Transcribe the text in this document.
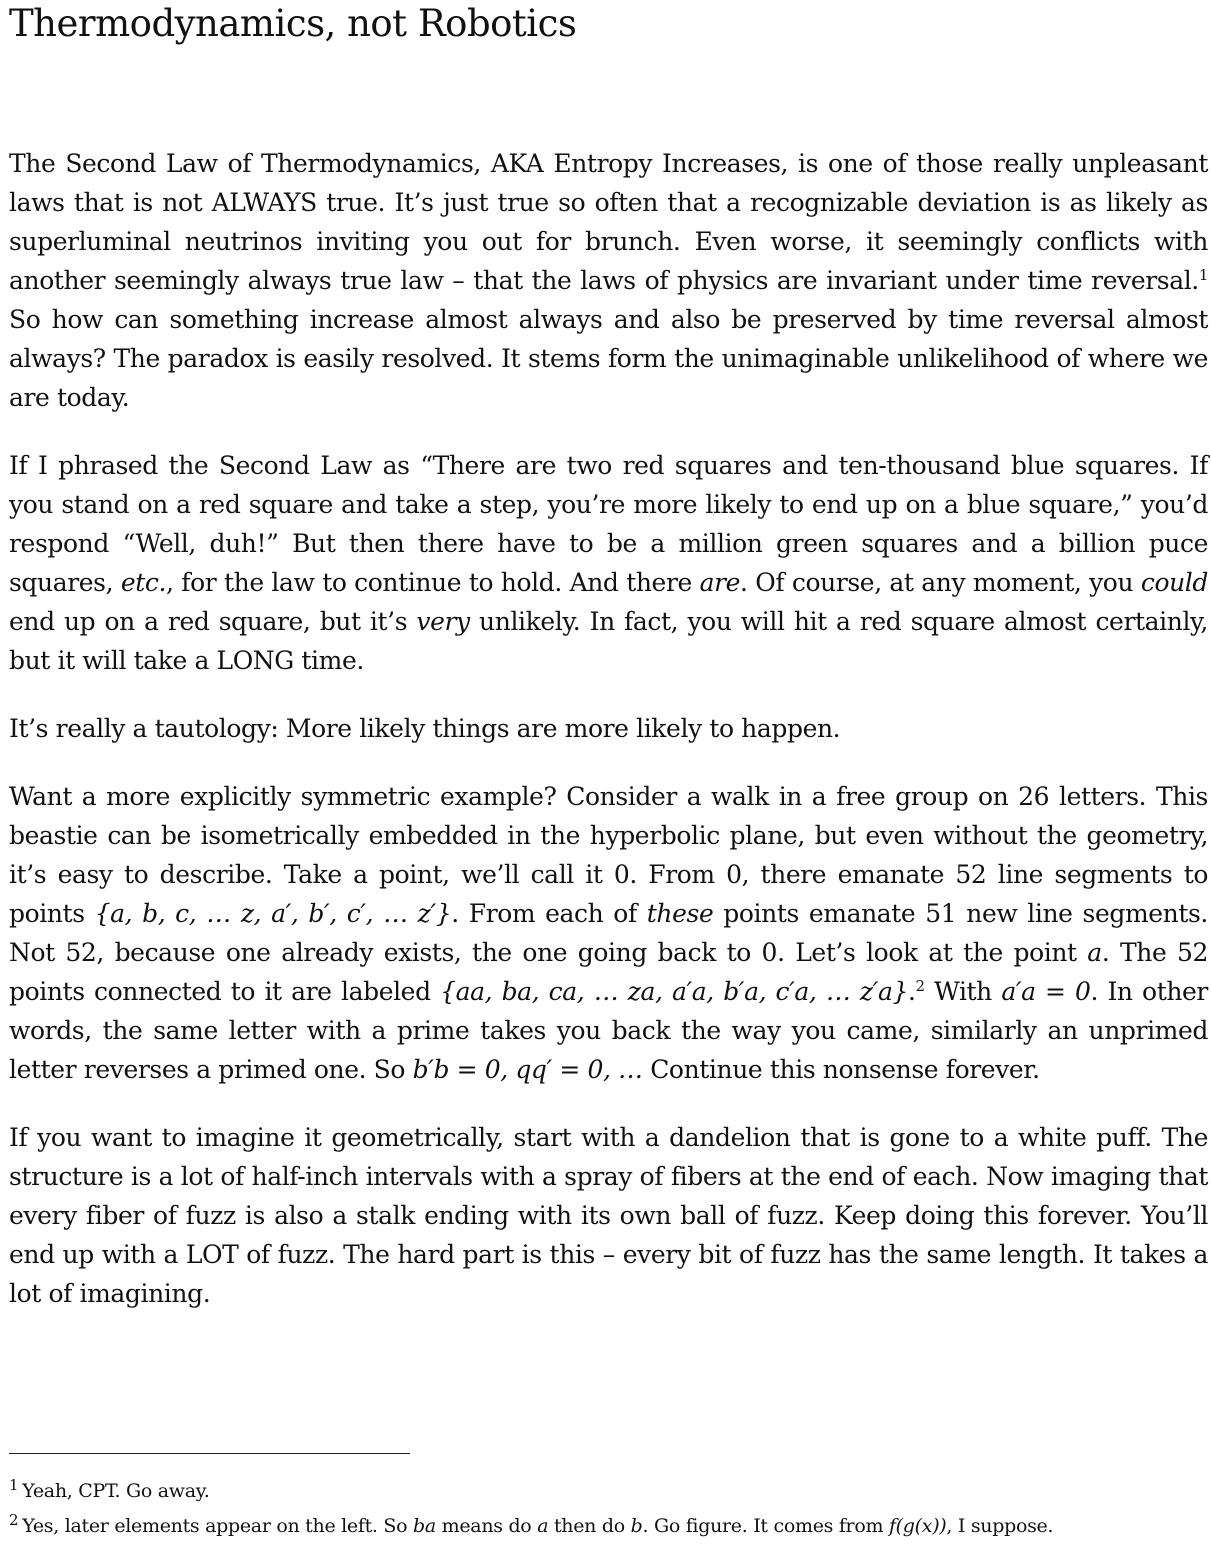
Thermodynamics, not Robotics

The Second Law of Thermodynamics, AKA Entropy Increases, is one of those really unpleasant laws that is not ALWAYS true. It’s just true so often that a recognizable deviation is as likely as superluminal neutrinos inviting you out for brunch. Even worse, it seemingly conflicts with another seemingly always true law – that the laws of physics are invariant under time reversal.$^1$ So how can something increase almost always and also be preserved by time reversal almost always? The paradox is easily resolved. It stems form the unimaginable unlikelihood of where we are today.

If I phrased the Second Law as “There are two red squares and ten-thousand blue squares. If you stand on a red square and take a step, you’re more likely to end up on a blue square,” you’d respond “Well, duh!” But then there have to be a million green squares and a billion puce squares, etc., for the law to continue to hold. And there are. Of course, at any moment, you could end up on a red square, but it’s very unlikely. In fact, you will hit a red square almost certainly, but it will take a LONG time.

It’s really a tautology: More likely things are more likely to happen.

Want a more explicitly symmetric example? Consider a walk in a free group on 26 letters. This beastie can be isometrically embedded in the hyperbolic plane, but even without the geometry, it’s easy to describe. Take a point, we’ll call it 0. From 0, there emanate 52 line segments to points {a, b, c, … z, a′, b′, c′, … z′}. From each of these points emanate 51 new line segments. Not 52, because one already exists, the one going back to 0. Let’s look at the point a. The 52 points connected to it are labeled {aa, ba, ca, … za, a′a, b′a, c′a, … z′a}.$^2$ With a′a = 0. In other words, the same letter with a prime takes you back the way you came, similarly an unprimed letter reverses a primed one. So b′b = 0, qq′ = 0, … Continue this nonsense forever.

If you want to imagine it geometrically, start with a dandelion that is gone to a white puff. The structure is a lot of half-inch intervals with a spray of fibers at the end of each. Now imaging that every fiber of fuzz is also a stalk ending with its own ball of fuzz. Keep doing this forever. You’ll end up with a LOT of fuzz. The hard part is this – every bit of fuzz has the same length. It takes a lot of imagining.

$^1$ Yeah, CPT. Go away.
$^2$ Yes, later elements appear on the left. So ba means do a then do b. Go figure. It comes from f(g(x)), I suppose.
